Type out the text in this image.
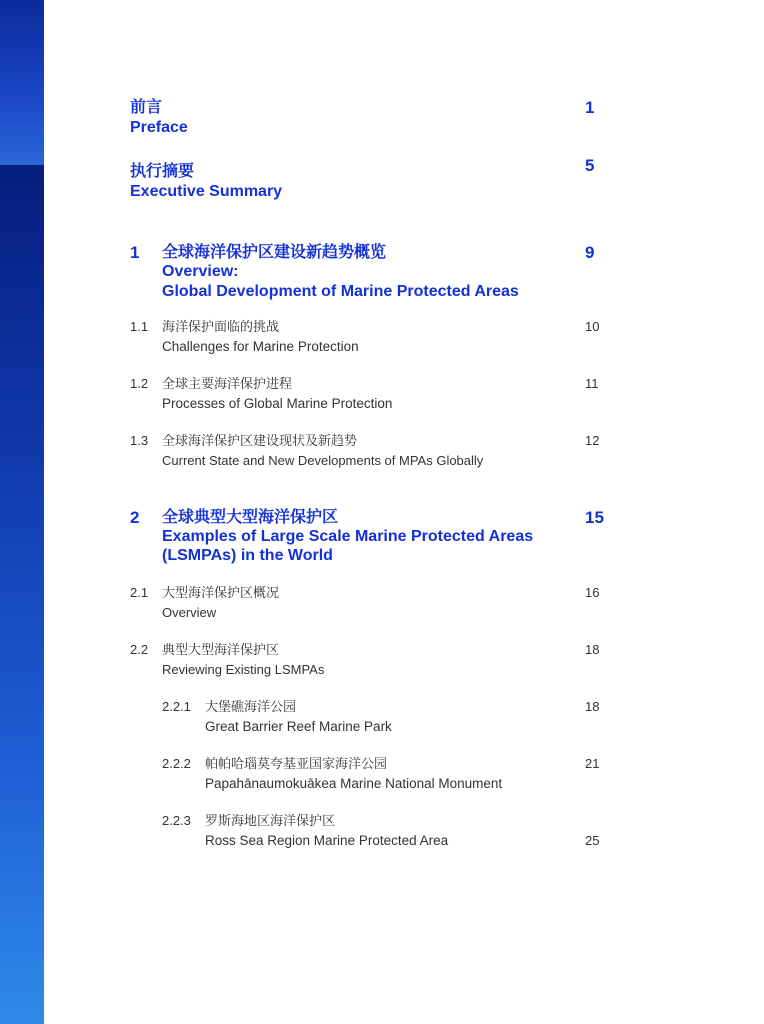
前言
Preface
1
执行摘要
Executive Summary
5
1 全球海洋保护区建设新趋势概览
Overview:
Global Development of Marine Protected Areas
9
1.1 海洋保护面临的挑战
Challenges for Marine Protection
10
1.2 全球主要海洋保护进程
Processes of Global Marine Protection
11
1.3 全球海洋保护区建设现状及新趋势
Current State and New Developments of MPAs Globally
12
2 全球典型大型海洋保护区
Examples of Large Scale Marine Protected Areas
(LSMPAs) in the World
15
2.1 大型海洋保护区概况
Overview
16
2.2 典型大型海洋保护区
Reviewing Existing LSMPAs
18
2.2.1 大堡礁海洋公园
Great Barrier Reef Marine Park
18
2.2.2 帕帕哈瑙莫夸基亚国家海洋公园
Papahānaumokuākea Marine National Monument
21
2.2.3 罗斯海地区海洋保护区
Ross Sea Region Marine Protected Area	25
